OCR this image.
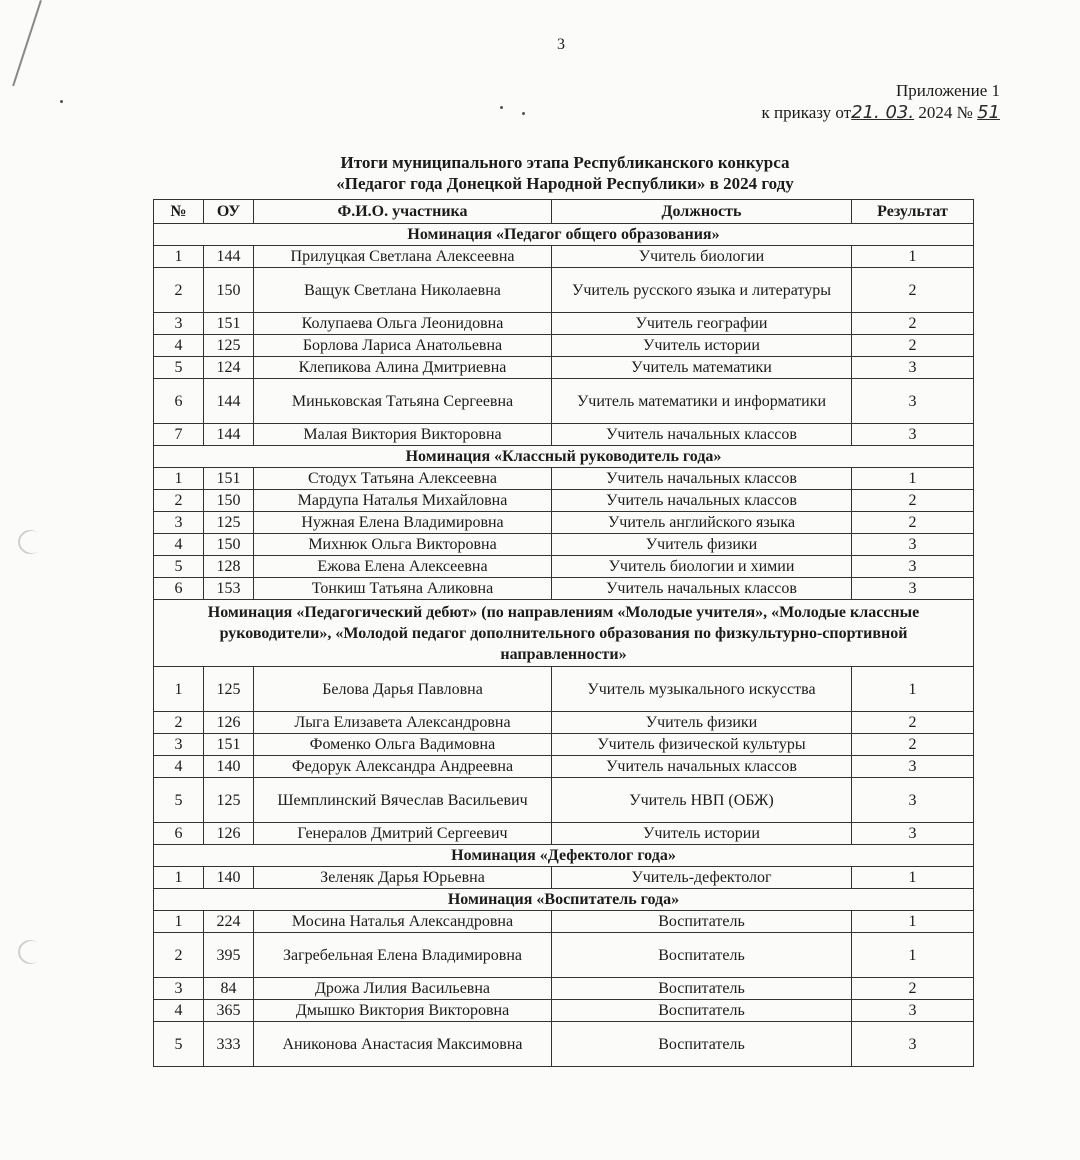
3
Приложение 1
к приказу от21. 03. 2024 № 51
Итоги муниципального этапа Республиканского конкурса
«Педагог года Донецкой Народной Республики» в 2024 году
№	ОУ	Ф.И.О. участника	Должность	Результат
Номинация «Педагог общего образования»				
1	144	Прилуцкая Светлана Алексеевна	Учитель биологии	1
2	150	Ващук Светлана Николаевна	Учитель русского языка и литературы	2
3	151	Колупаева Ольга Леонидовна	Учитель географии	2
4	125	Борлова Лариса Анатольевна	Учитель истории	2
5	124	Клепикова Алина Дмитриевна	Учитель математики	3
6	144	Миньковская Татьяна Сергеевна	Учитель математики и информатики	3
7	144	Малая Виктория Викторовна	Учитель начальных классов	3
Номинация «Классный руководитель года»				
1	151	Стодух Татьяна Алексеевна	Учитель начальных классов	1
2	150	Мардупа Наталья Михайловна	Учитель начальных классов	2
3	125	Нужная Елена Владимировна	Учитель английского языка	2
4	150	Михнюк Ольга Викторовна	Учитель физики	3
5	128	Ежова Елена Алексеевна	Учитель биологии и химии	3
6	153	Тонкиш Татьяна Аликовна	Учитель начальных классов	3
Номинация «Педагогический дебют» (по направлениям «Молодые учителя», «Молодые классные руководители», «Молодой педагог дополнительного образования по физкультурно-спортивной направленности»				
1	125	Белова Дарья Павловна	Учитель музыкального искусства	1
2	126	Лыга Елизавета Александровна	Учитель физики	2
3	151	Фоменко Ольга Вадимовна	Учитель физической культуры	2
4	140	Федорук Александра Андреевна	Учитель начальных классов	3
5	125	Шемплинский Вячеслав Васильевич	Учитель НВП (ОБЖ)	3
6	126	Генералов Дмитрий Сергеевич	Учитель истории	3
Номинация «Дефектолог года»				
1	140	Зеленяк Дарья Юрьевна	Учитель-дефектолог	1
Номинация «Воспитатель года»				
1	224	Мосина Наталья Александровна	Воспитатель	1
2	395	Загребельная Елена Владимировна	Воспитатель	1
3	84	Дрожа Лилия Васильевна	Воспитатель	2
4	365	Дмышко Виктория Викторовна	Воспитатель	3
5	333	Аниконова Анастасия Максимовна	Воспитатель	3
